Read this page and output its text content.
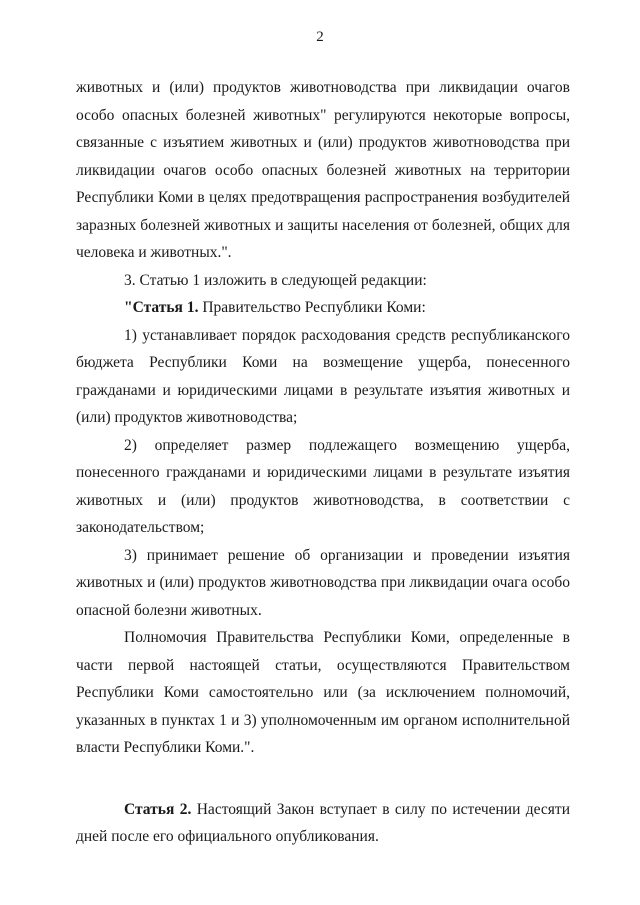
2

животных и (или) продуктов животноводства при ликвидации очагов
особо опасных болезней животных" регулируются некоторые вопросы,
связанные с изъятием животных и (или) продуктов животноводства при
ликвидации очагов особо опасных болезней животных на территории
Республики Коми в целях предотвращения распространения возбудителей
заразных болезней животных и защиты населения от болезней, общих для
человека и животных.".

3. Статью 1 изложить в следующей редакции:

"Статья 1. Правительство Республики Коми:

1) устанавливает порядок расходования средств республиканского
бюджета Республики Коми на возмещение ущерба, понесенного
гражданами и юридическими лицами в результате изъятия животных и
(или) продуктов животноводства;

2) определяет размер подлежащего возмещению ущерба,
понесенного гражданами и юридическими лицами в результате изъятия
животных и (или) продуктов животноводства, в соответствии с
законодательством;

3) принимает решение об организации и проведении изъятия
животных и (или) продуктов животноводства при ликвидации очага особо
опасной болезни животных.

Полномочия Правительства Республики Коми, определенные в
части первой настоящей статьи, осуществляются Правительством
Республики Коми самостоятельно или (за исключением полномочий,
указанных в пунктах 1 и 3) уполномоченным им органом исполнительной
власти Республики Коми.".

Статья 2. Настоящий Закон вступает в силу по истечении десяти
дней после его официального опубликования.
